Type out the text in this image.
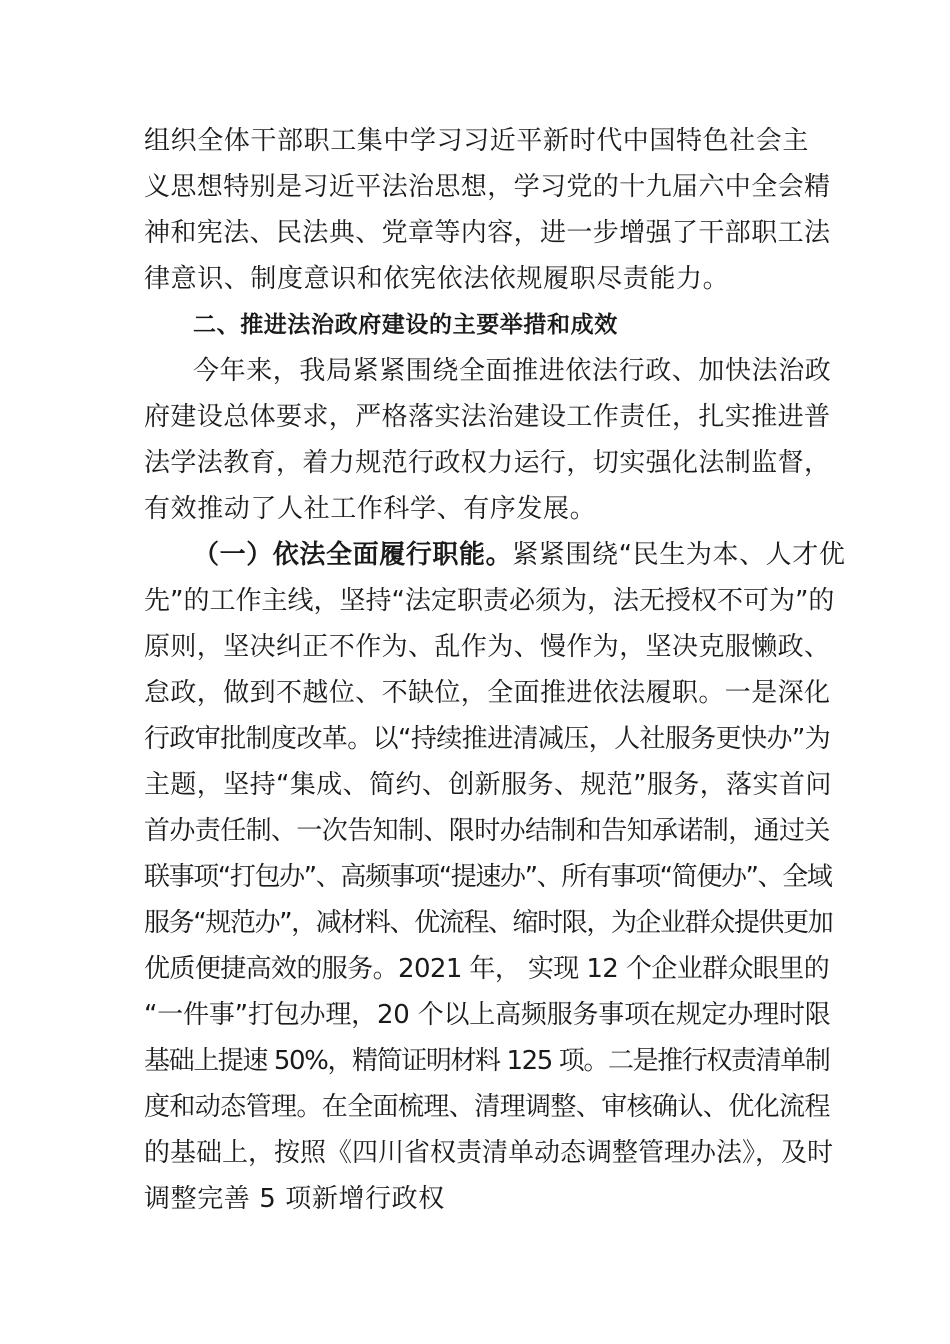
组织全体干部职工集中学习习近平新时代中国特色社会主
义思想特别是习近平法治思想，学习党的十九届六中全会精
神和宪法、民法典、党章等内容，进一步增强了干部职工法
律意识、制度意识和依宪依法依规履职尽责能力。
二、推进法治政府建设的主要举措和成效
今年来，我局紧紧围绕全面推进依法行政、加快法治政
府建设总体要求，严格落实法治建设工作责任，扎实推进普
法学法教育，着力规范行政权力运行，切实强化法制监督，
有效推动了人社工作科学、有序发展。
（一）依法全面履行职能。紧紧围绕“民生为本、人才优
先”的工作主线，坚持“法定职责必须为，法无授权不可为”的
原则，坚决纠正不作为、乱作为、慢作为，坚决克服懒政、
怠政，做到不越位、不缺位，全面推进依法履职。一是深化
行政审批制度改革。以“持续推进清减压，人社服务更快办”为
主题，坚持“集成、简约、创新服务、规范”服务，落实首问
首办责任制、一次告知制、限时办结制和告知承诺制，通过关
联事项“打包办”、高频事项“提速办”、所有事项“简便办”、全域
服务“规范办”，减材料、优流程、缩时限，为企业群众提供更加
优质便捷高效的服务。2021 年， 实现 12 个企业群众眼里的
“一件事”打包办理，20 个以上高频服务事项在规定办理时限
基础上提速 50%，精简证明材料 125 项。二是推行权责清单制
度和动态管理。在全面梳理、清理调整、审核确认、优化流程
的基础上，按照《四川省权责清单动态调整管理办法》，及时
调整完善 5 项新增行政权
